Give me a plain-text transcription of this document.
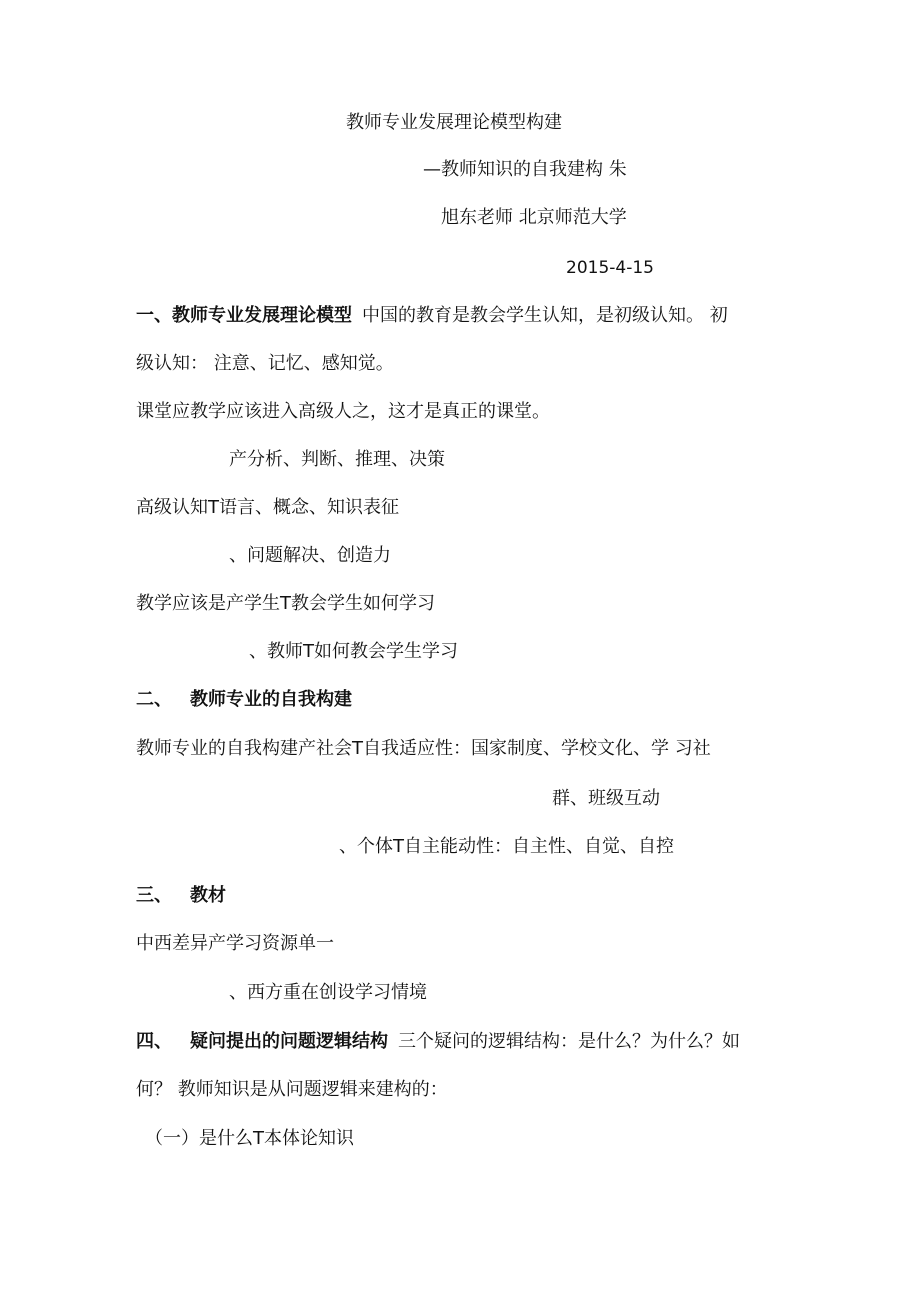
教师专业发展理论模型构建
—教师知识的自我建构 朱
旭东老师 北京师范大学
2015-4-15
一、教师专业发展理论模型 中国的教育是教会学生认知，是初级认知。 初
级认知： 注意、记忆、感知觉。
课堂应教学应该进入高级人之，这才是真正的课堂。
产分析、判断、推理、决策
高级认知T语言、概念、知识表征
、问题解决、创造力
教学应该是产学生T教会学生如何学习
、教师T如何教会学生学习
二、 教师专业的自我构建
教师专业的自我构建产社会T自我适应性：国家制度、学校文化、学 习社
群、班级互动
、个体T自主能动性：自主性、自觉、自控
三、 教材
中西差异产学习资源单一
、西方重在创设学习情境
四、 疑问提出的问题逻辑结构 三个疑问的逻辑结构：是什么？为什么？如
何？ 教师知识是从问题逻辑来建构的：
（一）是什么T本体论知识
